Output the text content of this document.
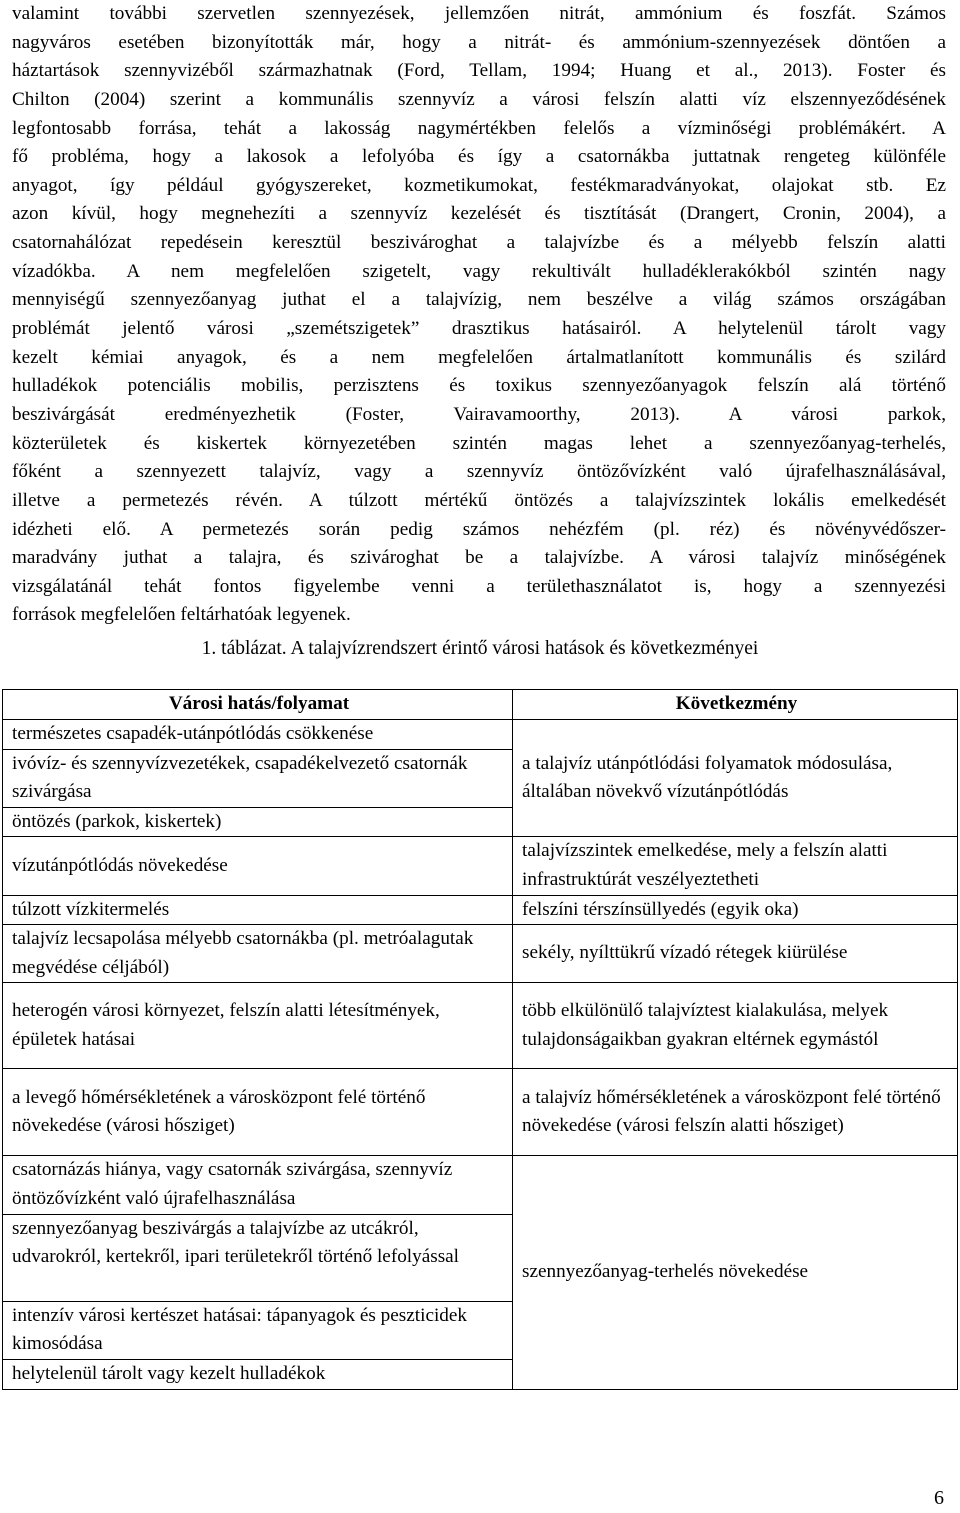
valamint további szervetlen szennyezések, jellemzően nitrát, ammónium és foszfát. Számos
nagyváros esetében bizonyították már, hogy a nitrát- és ammónium-szennyezések döntően a
háztartások szennyvizéből származhatnak (Ford, Tellam, 1994; Huang et al., 2013). Foster és
Chilton (2004) szerint a kommunális szennyvíz a városi felszín alatti víz elszennyeződésének
legfontosabb forrása, tehát a lakosság nagymértékben felelős a vízminőségi problémákért. A
fő probléma, hogy a lakosok a lefolyóba és így a csatornákba juttatnak rengeteg különféle
anyagot, így például gyógyszereket, kozmetikumokat, festékmaradványokat, olajokat stb. Ez
azon kívül, hogy megnehezíti a szennyvíz kezelését és tisztítását (Drangert, Cronin, 2004), a
csatornahálózat repedésein keresztül beszivároghat a talajvízbe és a mélyebb felszín alatti
vízadókba. A nem megfelelően szigetelt, vagy rekultivált hulladéklerakókból szintén nagy
mennyiségű szennyezőanyag juthat el a talajvízig, nem beszélve a világ számos országában
problémát jelentő városi „szemétszigetek” drasztikus hatásairól. A helytelenül tárolt vagy
kezelt kémiai anyagok, és a nem megfelelően ártalmatlanított kommunális és szilárd
hulladékok potenciális mobilis, perzisztens és toxikus szennyezőanyagok felszín alá történő
beszivárgását eredményezhetik (Foster, Vairavamoorthy, 2013). A városi parkok,
közterületek és kiskertek környezetében szintén magas lehet a szennyezőanyag-terhelés,
főként a szennyezett talajvíz, vagy a szennyvíz öntözővízként való újrafelhasználásával,
illetve a permetezés révén. A túlzott mértékű öntözés a talajvízszintek lokális emelkedését
idézheti elő. A permetezés során pedig számos nehézfém (pl. réz) és növényvédőszer-
maradvány juthat a talajra, és szivároghat be a talajvízbe. A városi talajvíz minőségének
vizsgálatánál tehát fontos figyelembe venni a területhasználatot is, hogy a szennyezési
források megfelelően feltárhatóak legyenek.
1. táblázat. A talajvízrendszert érintő városi hatások és következményei
Városi hatás/folyamat	Következmény
természetes csapadék-utánpótlódás csökkenése	a talajvíz utánpótlódási folyamatok módosulása, általában növekvő vízutánpótlódás
ivóvíz- és szennyvízvezetékek, csapadékelvezető csatornák szivárgása	
öntözés (parkok, kiskertek)	
vízutánpótlódás növekedése	talajvízszintek emelkedése, mely a felszín alatti infrastruktúrát veszélyeztetheti
túlzott vízkitermelés	felszíni térszínsüllyedés (egyik oka)
talajvíz lecsapolása mélyebb csatornákba (pl. metróalagutak megvédése céljából)	sekély, nyílttükrű vízadó rétegek kiürülése
heterogén városi környezet, felszín alatti létesítmények, épületek hatásai	több elkülönülő talajvíztest kialakulása, melyek tulajdonságaikban gyakran eltérnek egymástól
a levegő hőmérsékletének a városközpont felé történő növekedése (városi hősziget)	a talajvíz hőmérsékletének a városközpont felé történő növekedése (városi felszín alatti hősziget)
csatornázás hiánya, vagy csatornák szivárgása, szennyvíz öntözővízként való újrafelhasználása	szennyezőanyag-terhelés növekedése
szennyezőanyag beszivárgás a talajvízbe az utcákról, udvarokról, kertekről, ipari területekről történő lefolyással	
intenzív városi kertészet hatásai: tápanyagok és peszticidek kimosódása	
helytelenül tárolt vagy kezelt hulladékok	
6
